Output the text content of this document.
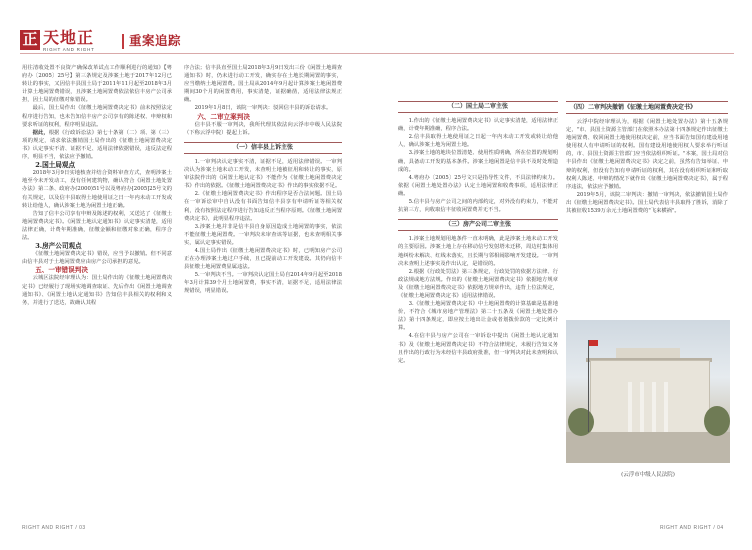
正 天地正
RIGHT AND RIGHT
重案追踪

用往清收处置不良资产确保改革试点工作顺利进行的通知》【粤府办〔2005〕25号】第三条规定及涉案土地于2017年12月已转让的事实，又因信丰县国土局于2011年11月起至2018年3月计算土地闲置费错误，且涉案土地闲置费依法依信丰房产公司承担，因土局的征缴对象错误。

最后，国土局作出《征缴土地闲置费决定书》前未按照法定程序进行告知，也未告知信丰房产公司享有的陈述权、申辩权和要求听证的权利，程序明显违法。

据此，根据《行政诉讼法》第七十条第（二）项、第（三）项的规定，请求依法撤销国土局作出的《征缴土地闲置费决定书》认定事实不清、证据不足、适用法律依据错误，违反法定程序，明显不当，依法应予撤销。

2.国土局观点

2018年3月9日实地核查并结合资料审查方式，查明涉案土地至今未开发动工，没有任何建筑物，确认符合《闲置土地处置办法》第二条、政府办(2000)51号以及粤府办[2005]25号文的有关规定，以及信丰县取得土地使用证之日一年内未动工开发或转让给他人，确认涉案土地为闲置土地正确。

告知了信丰公司享有申辩及陈述的权利，又送达了《征缴土地闲置费决定书》。《闲置土地认定通知书》认定事实清楚，适用法律正确，计费年期准确，征缴金额和征缴对象正确，程序合法。

3.房产公司观点

《征缴土地闲置费决定书》错误，应当予以撤销。但不同意由信丰县对于土地闲置费应由房产公司承担的意见。

五、一审错误判决

云城区法院经审理认为：国土局作出的《征缴土地闲置费决定书》已经履行了现场实地调查取证、先后作出《闲置土地调查通知书》、《闲置土地认定通知书》告知信丰县相关的权利和义务，并进行了送达，故确认其程

序合法；信丰县直至国土局2018年3月9日发出三份《闲置土地调查通知书》时，仍未进行动工开发，确实存在土地长期闲置的事实，应当缴纳土地闲置费。国土局从2014年9月起计算涉案土地闲置费期间30个月的闲置费用，事实清楚，证据确凿，适用法律法规正确。

2019年1月8日，该院一审判决：驳回信丰县的诉讼请求。

六、二审立案判决

信丰县不服一审判决，我所代理其依法向云浮市中级人民法院（下称云浮中院）提起上诉。

（一）信丰县上诉主张

1.一审判决认定事实不清，证据不足，适用法律错误。一审判决认为涉案土地未动工开发，未查明土地被征用和转让的事实，原审法院作出的《闲置土地认定书》不能作为《征缴土地闲置费决定书》作出的依据。《征缴土地闲置费决定书》作出的事实依据不足。

2.《征缴土地闲置费决定书》作出程序是否合法问题。国土局在一审诉讼审中自认没有书面告知信丰县享有申请听证等相关权利，没有按照法定程序进行告知违反正当程序原则。《征缴土地闲置费决定书》，此明显程序违法。

3.涉案土地并非是信丰县自身原因造成土地闲置的事实，依法不能征缴土地闲置费。一审判决未审查该等证据，也未查明相关事实，属认定事实错误。

4.国土局作出《征缴土地闲置费决定书》时，已明知房产公司正在办理涉案土地过户手续，且已提前动工开发建设。其仍向信丰县征缴土地闲置费显属违法。

5.一审判决不当。一审判决认定国土局自2014年9月起至2018年3月计算39个月土地闲置费，事实不清，证据不足，适用法律法规错误，明显错误。

（二）国土局二审主张

1.作出的《征缴土地闲置费决定书》认定事实清楚，适用法律正确，计费年期准确，程序合法。

2.信丰县取得土地使用证之日起一年内未动工开发或转让给他人，确认涉案土地为闲置土地。

3.涉案土地的地块位置清楚、使用性质明确，所在位置的规划明确，具备动工开发的基本条件。涉案土地闲置是信丰县不及时处理造成的。

4.粤府办〔2005〕25号文只是指导性文件，不具法律约束力。依据《闲置土地处置办法》认定土地闲置和收费事项，适用法律正确。

5.信丰县与房产公司之间的内部约定，对外没有约束力，不能对抗第三方，向收取信丰征收闲置费并无不当。

（三）房产公司二审主张

1.涉案土地规划用地条件一直未明确，此是涉案土地未动工开发的主要原因。涉案土地上存在移动信号发射塔未迁移，周边村集体用地纠纷未解决、红线未落实，且长期与邻相闹影响开发建设。一审判决未查明上述事实及作出认定，是错误的。

2.根据《行政处罚法》第三条规定，行政处罚的依据方法律、行政法规或地方法规。作出的《征缴土地闲置费决定书》依据地方规章及《征缴土地闲置费决定书》依据地方规章作出，违背上位法规定，《征缴土地闲置费决定书》适用法律错误。

3.《征缴土地闲置费决定书》中土地闲置费的计算基础是基准地价，不符合《城市房地产管理法》第二十五条及《闲置土地处置办法》第十四条规定，即应按土地出让金或者划拨价款的一定比例计算。

4.在信丰县与房产公司在一审诉讼中提出《闲置土地认定通知书》及《征缴土地闲置费决定书》不符合法律规定，未履行告知义务且作出的行政行为未经信丰县政府批准，但一审判决对此未查明和认定。

（四）二审判决撤销《征缴土地闲置费决定书》

云浮中院经审理认为，根据《闲置土地处置办法》第十五条规定，"市、县国土资源主管部门在依照本办法第十四条规定作出征缴土地闲置费、收回闲置土地使用权决定前，应当书面告知国有建设用地使用权人有申请听证的权利。国有建设用地使用权人要求举行听证的，市、县国土资源主管部门应当依法组织听证。"本案，国土局对信丰县作出《征缴土地闲置费决定书》决定之前，虽然有告知举证、申辩的权利，但没有告知有申请听证的权利，其在没有组织听证和听取权利人陈述、申辩的情况下就作出《征缴土地闲置费决定书》，属于程序违法，依法应予撤销。

2019年5月，该院二审判决：撤销一审判决，依法撤销国土局作出《征缴土地闲置费决定书》。国土局代表信丰县取得了胜诉，消除了其被征收1539万余元土地闲置费的"飞来横祸"。

(云浮市中级人民法院)
RIGHT AND RIGHT / 03	RIGHT AND RIGHT / 04
